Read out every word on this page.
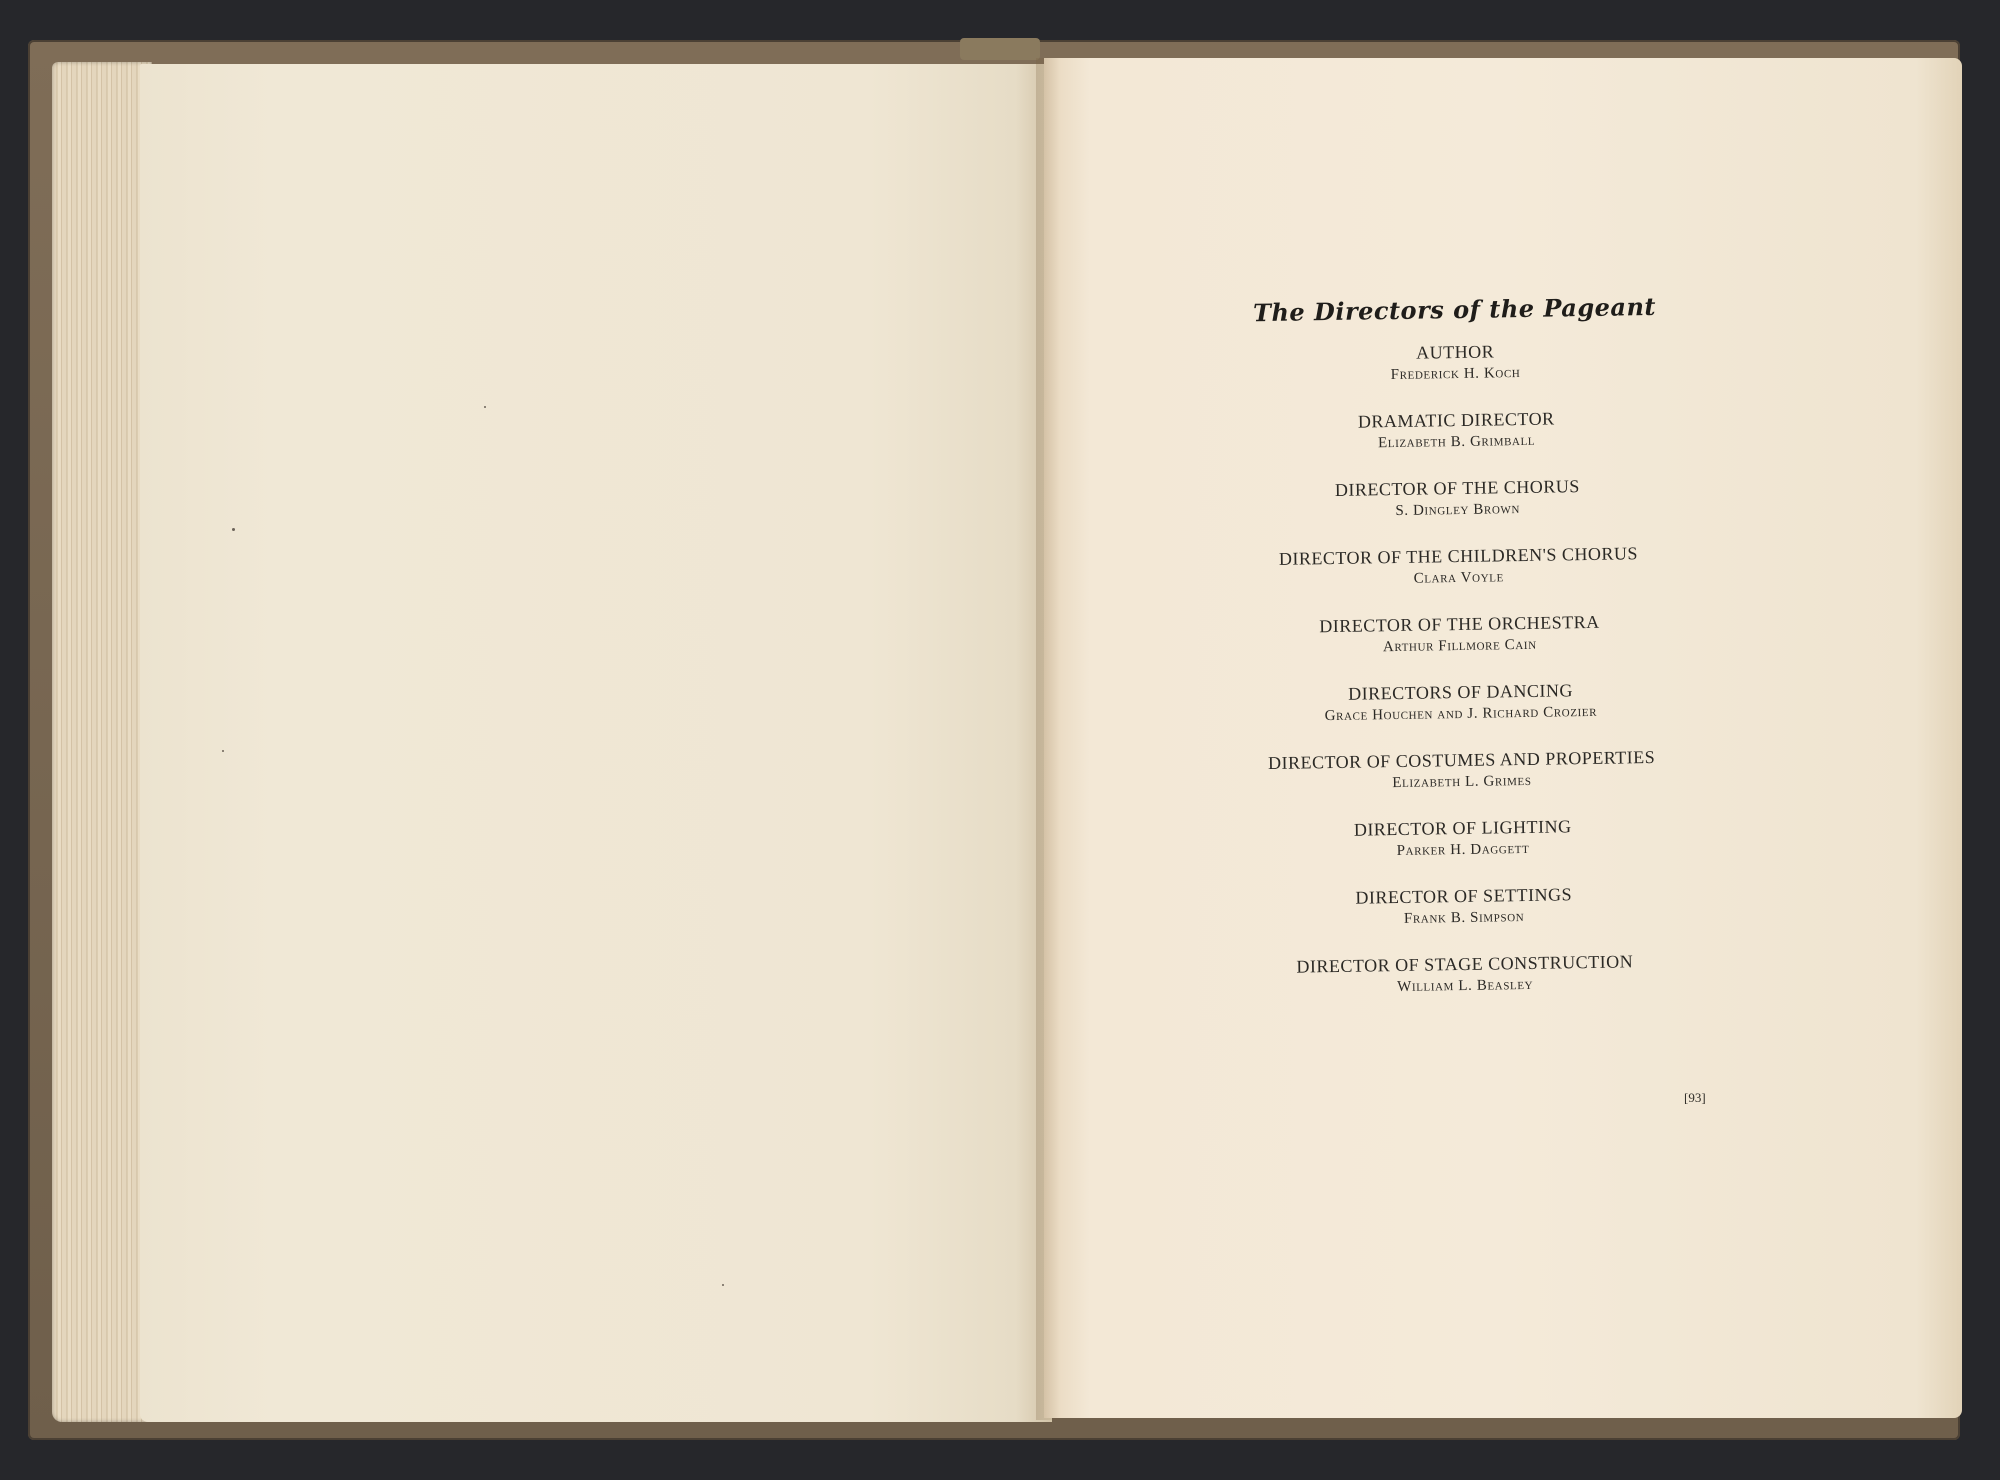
The Directors of the Pageant
AUTHOR
Frederick H. Koch
DRAMATIC DIRECTOR
Elizabeth B. Grimball
DIRECTOR OF THE CHORUS
S. Dingley Brown
DIRECTOR OF THE CHILDREN'S CHORUS
Clara Voyle
DIRECTOR OF THE ORCHESTRA
Arthur Fillmore Cain
DIRECTORS OF DANCING
Grace Houchen and J. Richard Crozier
DIRECTOR OF COSTUMES AND PROPERTIES
Elizabeth L. Grimes
DIRECTOR OF LIGHTING
Parker H. Daggett
DIRECTOR OF SETTINGS
Frank B. Simpson
DIRECTOR OF STAGE CONSTRUCTION
William L. Beasley
[93]
